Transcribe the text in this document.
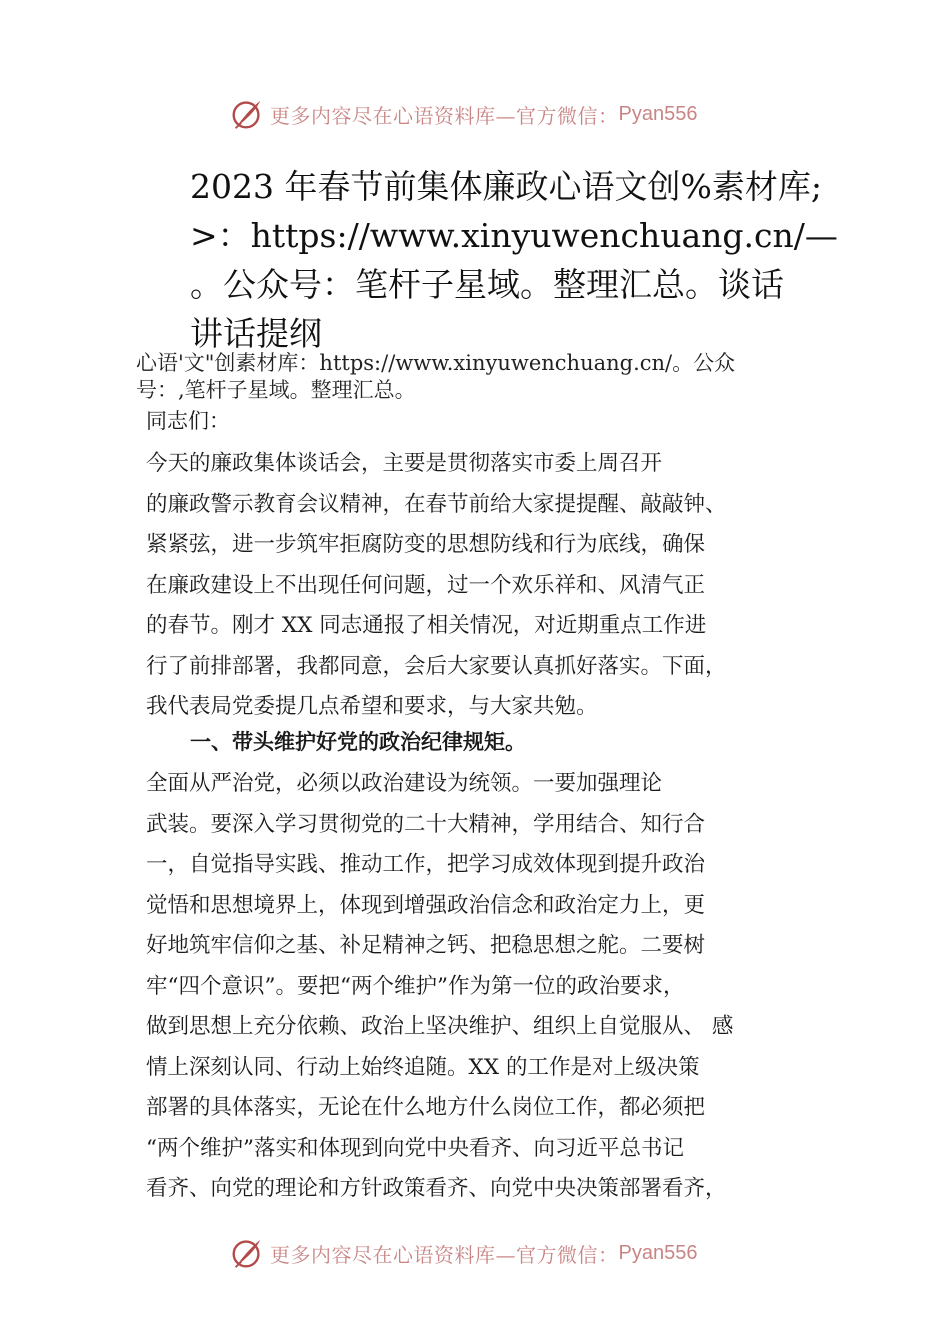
更多内容尽在心语资料库—官方微信： Pyan556
2023 年春节前集体廉政心语文创%素材库;
>：https://www.xinyuwenchuang.cn/—
。公众号：笔杆子星域。整理汇总。谈话
讲话提纲

心语'文"创素材库：https://www.xinyuwenchuang.cn/。公众
号：,笔杆子星域。整理汇总。

同志们：

今天的廉政集体谈话会，主要是贯彻落实市委上周召开
的廉政警示教育会议精神，在春节前给大家提提醒、敲敲钟、
紧紧弦，进一步筑牢拒腐防变的思想防线和行为底线，确保
在廉政建设上不出现任何问题，过一个欢乐祥和、风清气正
的春节。刚才 XX 同志通报了相关情况，对近期重点工作进
行了前排部署，我都同意，会后大家要认真抓好落实。下面，
我代表局党委提几点希望和要求，与大家共勉。

一、带头维护好党的政治纪律规矩。

全面从严治党，必须以政治建设为统领。一要加强理论
武装。要深入学习贯彻党的二十大精神，学用结合、知行合
一，自觉指导实践、推动工作，把学习成效体现到提升政治
觉悟和思想境界上，体现到增强政治信念和政治定力上，更
好地筑牢信仰之基、补足精神之钙、把稳思想之舵。二要树
牢“四个意识”。要把“两个维护”作为第一位的政治要求，
做到思想上充分依赖、政治上坚决维护、组织上自觉服从、 感
情上深刻认同、行动上始终追随。XX 的工作是对上级决策
部署的具体落实，无论在什么地方什么岗位工作，都必须把
“两个维护”落实和体现到向党中央看齐、向习近平总书记
看齐、向党的理论和方针政策看齐、向党中央决策部署看齐，

更多内容尽在心语资料库—官方微信： Pyan556
